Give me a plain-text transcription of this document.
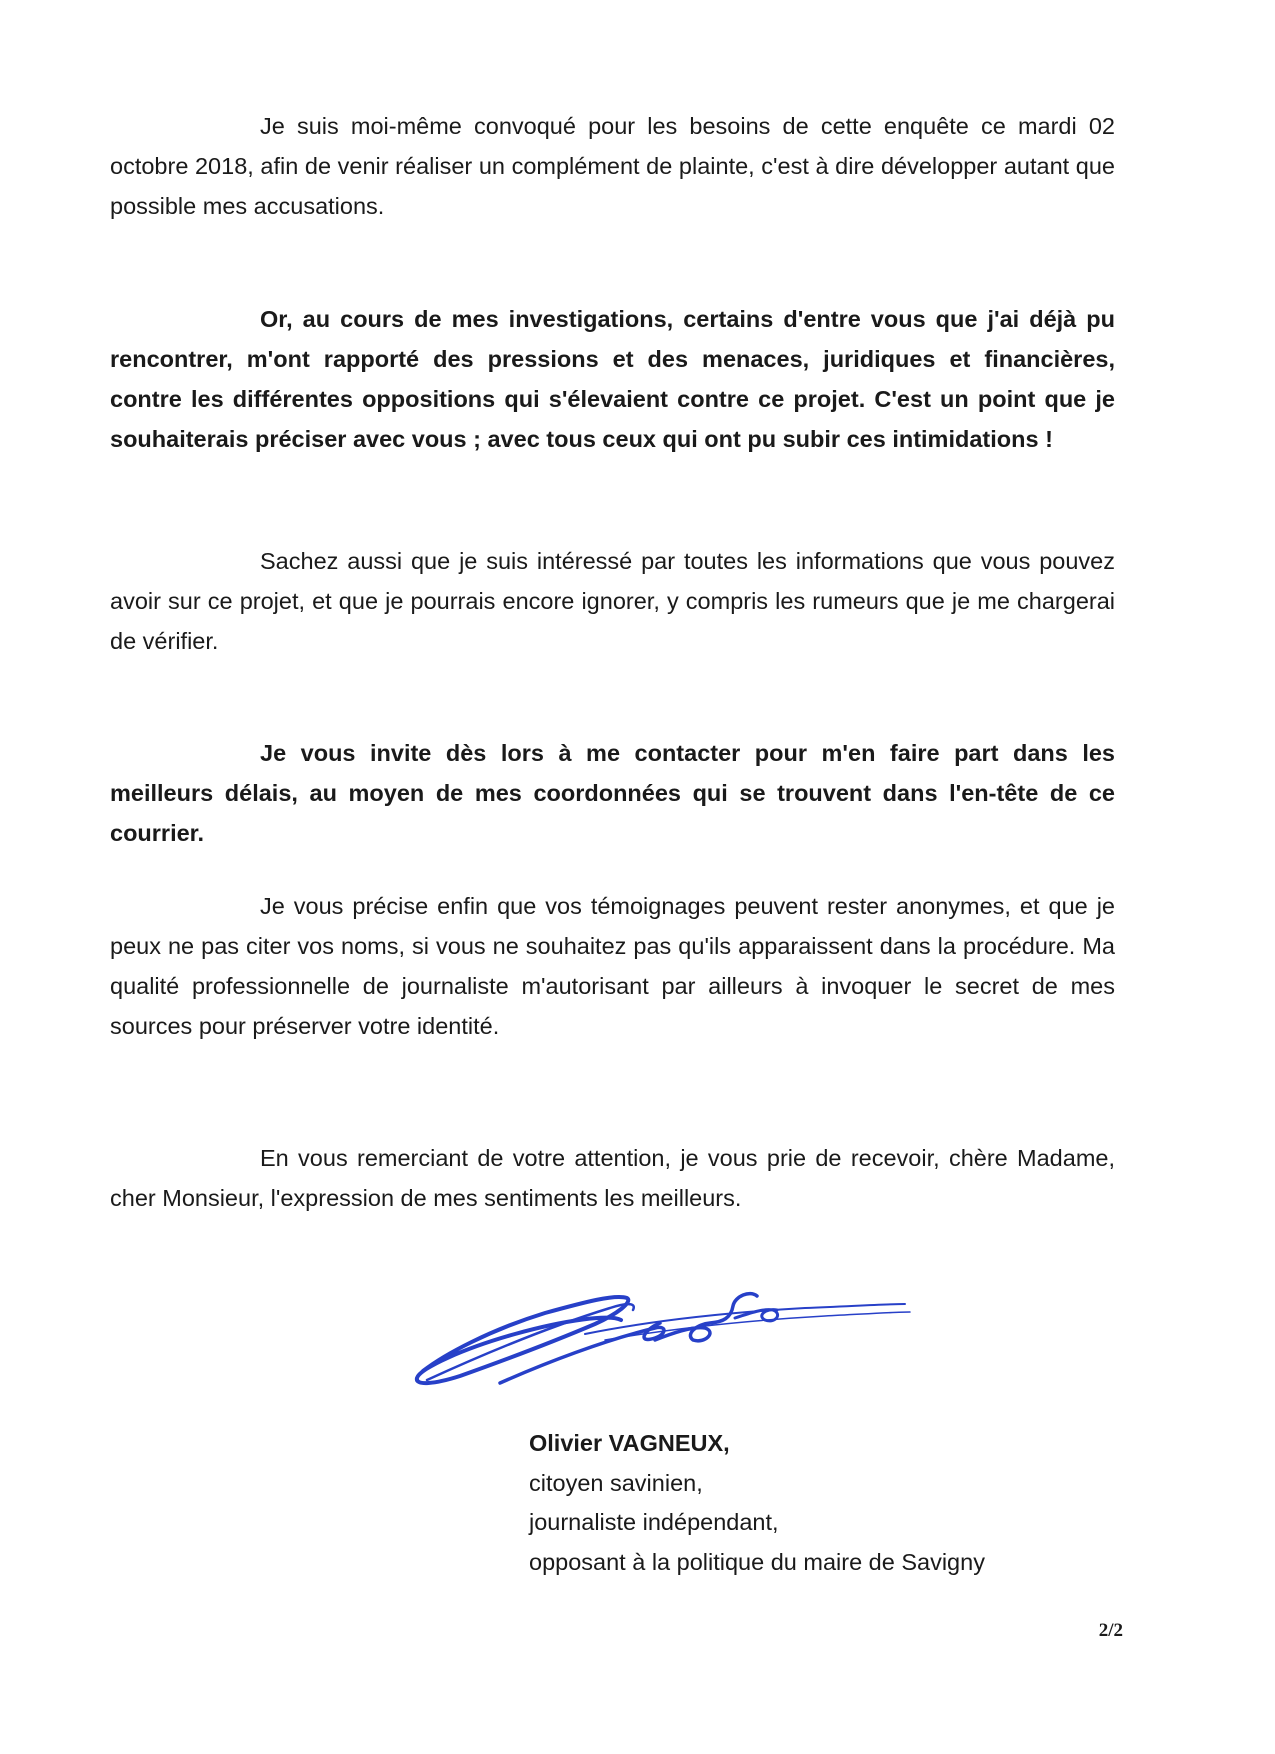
Je suis moi-même convoqué pour les besoins de cette enquête ce mardi 02 octobre 2018, afin de venir réaliser un complément de plainte, c'est à dire développer autant que possible mes accusations.

Or, au cours de mes investigations, certains d'entre vous que j'ai déjà pu rencontrer, m'ont rapporté des pressions et des menaces, juridiques et financières, contre les différentes oppositions qui s'élevaient contre ce projet. C'est un point que je souhaiterais préciser avec vous ; avec tous ceux qui ont pu subir ces intimidations !

Sachez aussi que je suis intéressé par toutes les informations que vous pouvez avoir sur ce projet, et que je pourrais encore ignorer, y compris les rumeurs que je me chargerai de vérifier.

Je vous invite dès lors à me contacter pour m'en faire part dans les meilleurs délais, au moyen de mes coordonnées qui se trouvent dans l'en-tête de ce courrier.

Je vous précise enfin que vos témoignages peuvent rester anonymes, et que je peux ne pas citer vos noms, si vous ne souhaitez pas qu'ils apparaissent dans la procédure. Ma qualité professionnelle de journaliste m'autorisant par ailleurs à invoquer le secret de mes sources pour préserver votre identité.

En vous remerciant de votre attention, je vous prie de recevoir, chère Madame, cher Monsieur, l'expression de mes sentiments les meilleurs.

Olivier VAGNEUX,
citoyen savinien,
journaliste indépendant,
opposant à la politique du maire de Savigny
2/2
